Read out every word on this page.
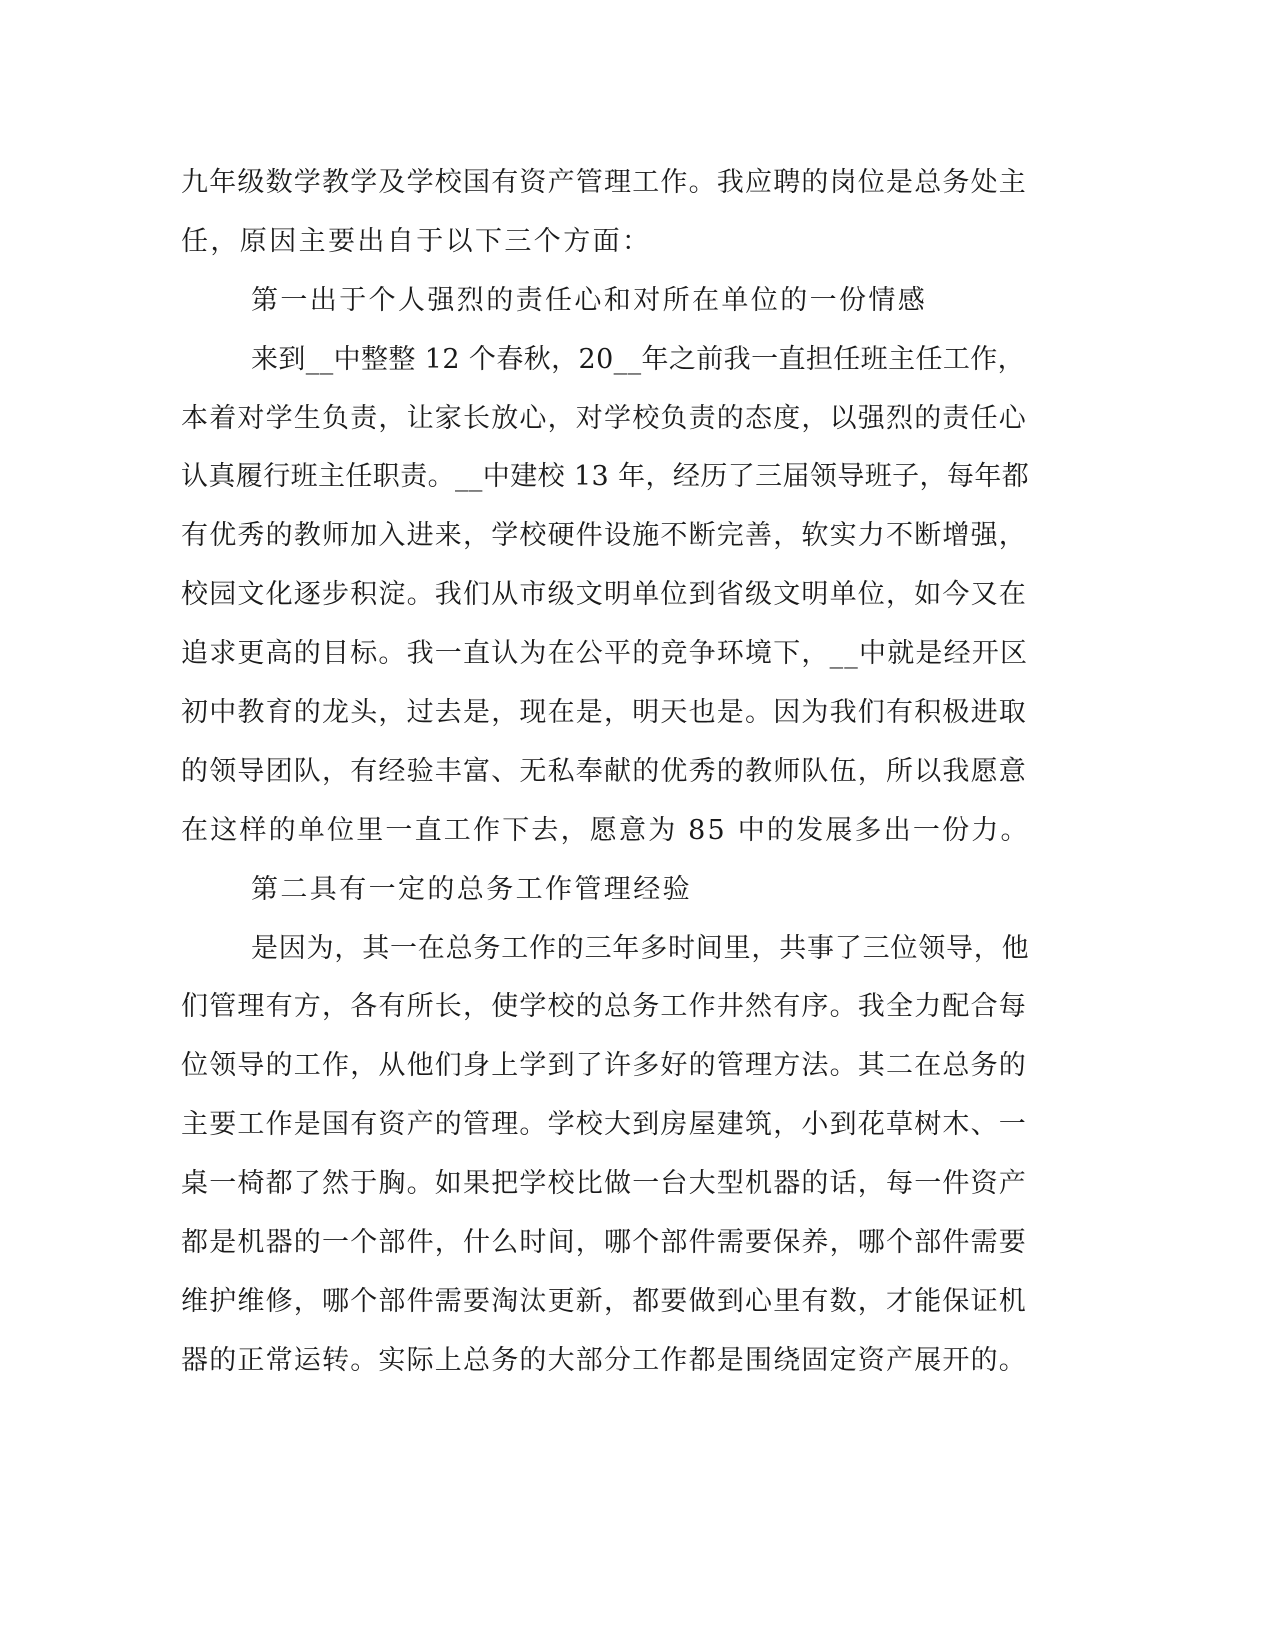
九年级数学教学及学校国有资产管理工作。我应聘的岗位是总务处主
任，原因主要出自于以下三个方面：
第一出于个人强烈的责任心和对所在单位的一份情感
来到__中整整 12 个春秋，20__年之前我一直担任班主任工作，
本着对学生负责，让家长放心，对学校负责的态度，以强烈的责任心
认真履行班主任职责。__中建校 13 年，经历了三届领导班子，每年都
有优秀的教师加入进来，学校硬件设施不断完善，软实力不断增强，
校园文化逐步积淀。我们从市级文明单位到省级文明单位，如今又在
追求更高的目标。我一直认为在公平的竞争环境下，__中就是经开区
初中教育的龙头，过去是，现在是，明天也是。因为我们有积极进取
的领导团队，有经验丰富、无私奉献的优秀的教师队伍，所以我愿意
在这样的单位里一直工作下去，愿意为 85 中的发展多出一份力。
第二具有一定的总务工作管理经验
是因为，其一在总务工作的三年多时间里，共事了三位领导，他
们管理有方，各有所长，使学校的总务工作井然有序。我全力配合每
位领导的工作，从他们身上学到了许多好的管理方法。其二在总务的
主要工作是国有资产的管理。学校大到房屋建筑，小到花草树木、一
桌一椅都了然于胸。如果把学校比做一台大型机器的话，每一件资产
都是机器的一个部件，什么时间，哪个部件需要保养，哪个部件需要
维护维修，哪个部件需要淘汰更新，都要做到心里有数，才能保证机
器的正常运转。实际上总务的大部分工作都是围绕固定资产展开的。
